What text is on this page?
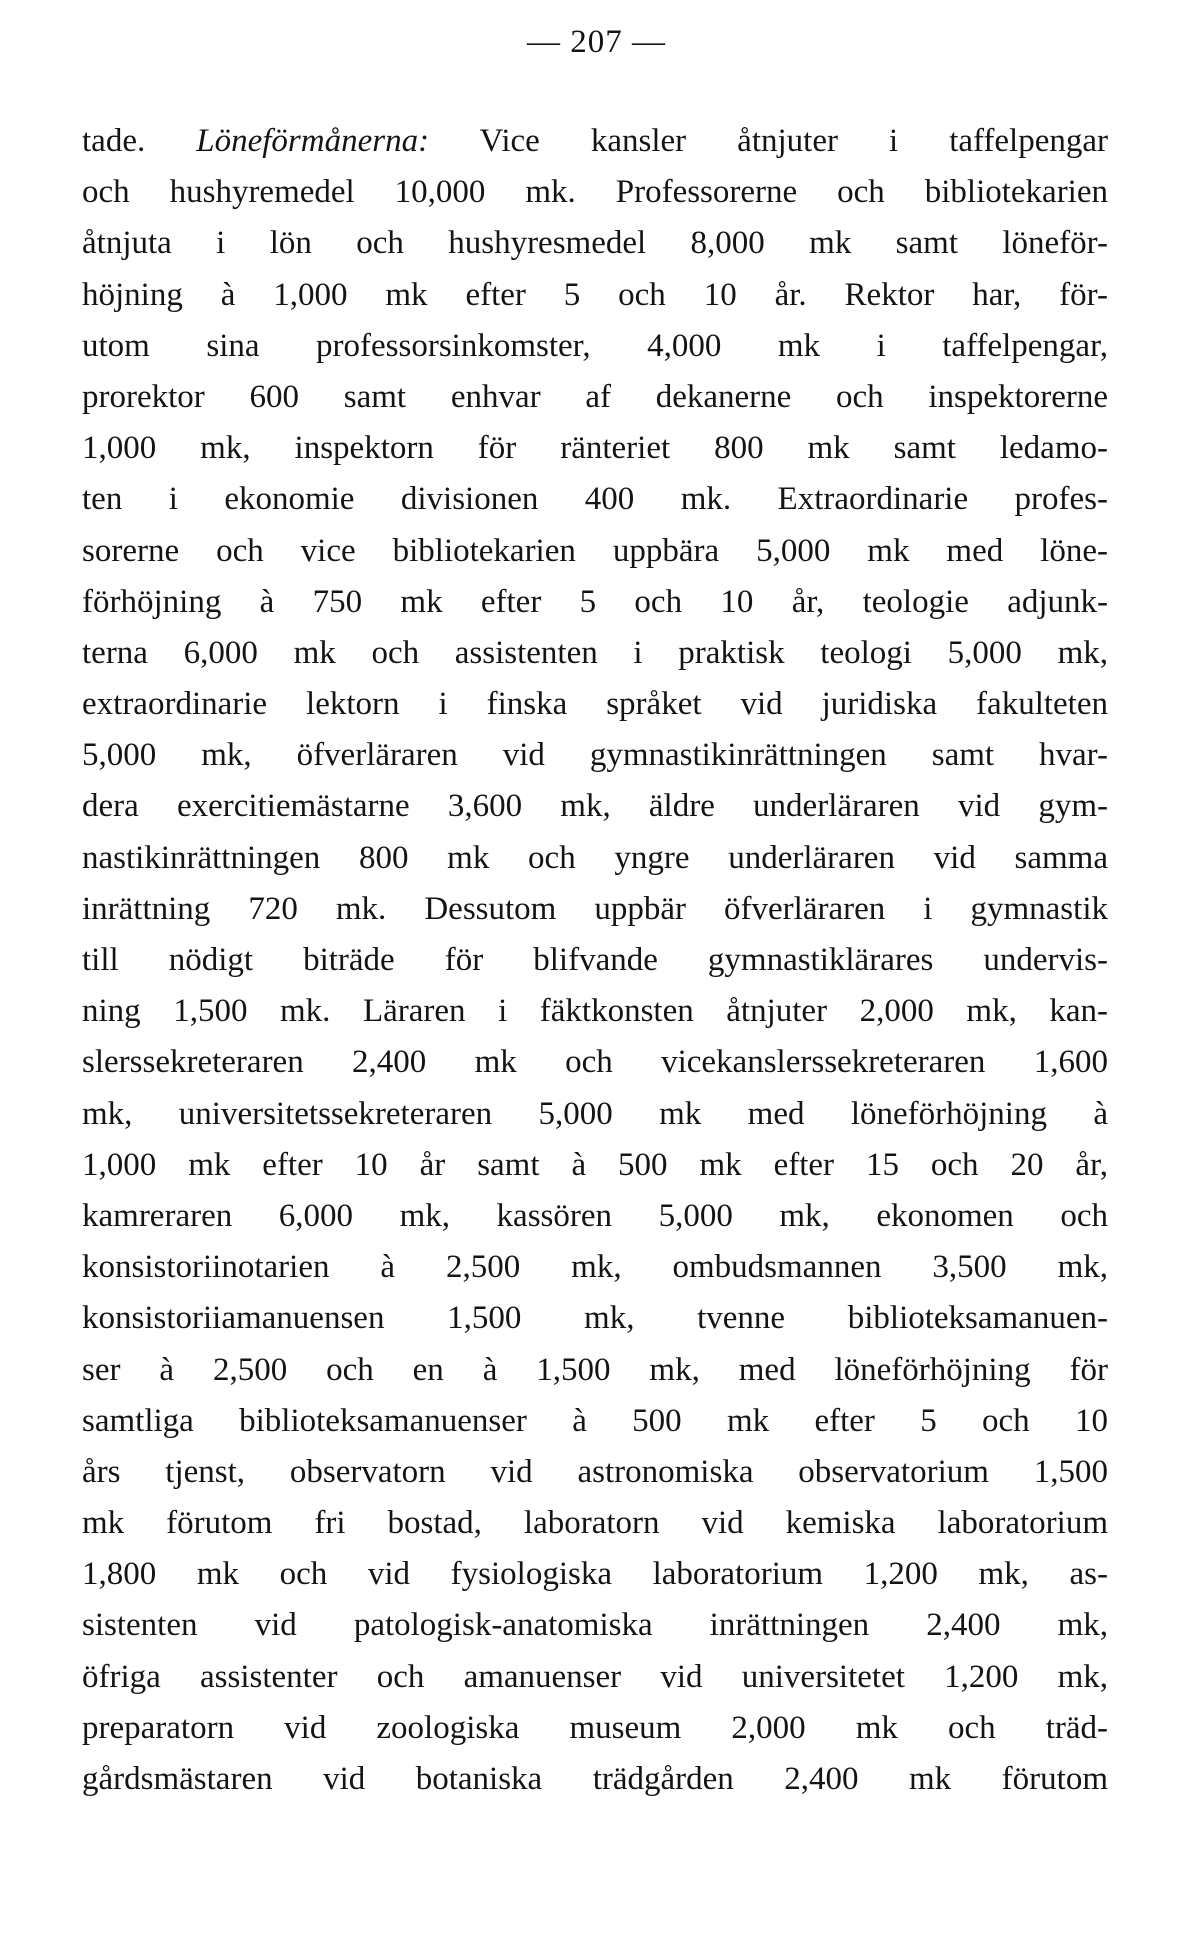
— 207 —
tade. Löneförmånerna: Vice kansler åtnjuter i taffelpengar
och hushyremedel 10,000 mk. Professorerne och bibliotekarien
åtnjuta i lön och hushyresmedel 8,000 mk samt löneför-
höjning à 1,000 mk efter 5 och 10 år. Rektor har, för-
utom sina professorsinkomster, 4,000 mk i taffelpengar,
prorektor 600 samt enhvar af dekanerne och inspektorerne
1,000 mk, inspektorn för ränteriet 800 mk samt ledamo-
ten i ekonomie divisionen 400 mk. Extraordinarie profes-
sorerne och vice bibliotekarien uppbära 5,000 mk med löne-
förhöjning à 750 mk efter 5 och 10 år, teologie adjunk-
terna 6,000 mk och assistenten i praktisk teologi 5,000 mk,
extraordinarie lektorn i finska språket vid juridiska fakulteten
5,000 mk, öfverläraren vid gymnastikinrättningen samt hvar-
dera exercitiemästarne 3,600 mk, äldre underläraren vid gym-
nastikinrättningen 800 mk och yngre underläraren vid samma
inrättning 720 mk. Dessutom uppbär öfverläraren i gymnastik
till nödigt biträde för blifvande gymnastiklärares undervis-
ning 1,500 mk. Läraren i fäktkonsten åtnjuter 2,000 mk, kan-
slerssekreteraren 2,400 mk och vicekanslerssekreteraren 1,600
mk, universitetssekreteraren 5,000 mk med löneförhöjning à
1,000 mk efter 10 år samt à 500 mk efter 15 och 20 år,
kamreraren 6,000 mk, kassören 5,000 mk, ekonomen och
konsistoriinotarien à 2,500 mk, ombudsmannen 3,500 mk,
konsistoriiamanuensen 1,500 mk, tvenne biblioteksamanuen-
ser à 2,500 och en à 1,500 mk, med löneförhöjning för
samtliga biblioteksamanuenser à 500 mk efter 5 och 10
års tjenst, observatorn vid astronomiska observatorium 1,500
mk förutom fri bostad, laboratorn vid kemiska laboratorium
1,800 mk och vid fysiologiska laboratorium 1,200 mk, as-
sistenten vid patologisk-anatomiska inrättningen 2,400 mk,
öfriga assistenter och amanuenser vid universitetet 1,200 mk,
preparatorn vid zoologiska museum 2,000 mk och träd-
gårdsmästaren vid botaniska trädgården 2,400 mk förutom
